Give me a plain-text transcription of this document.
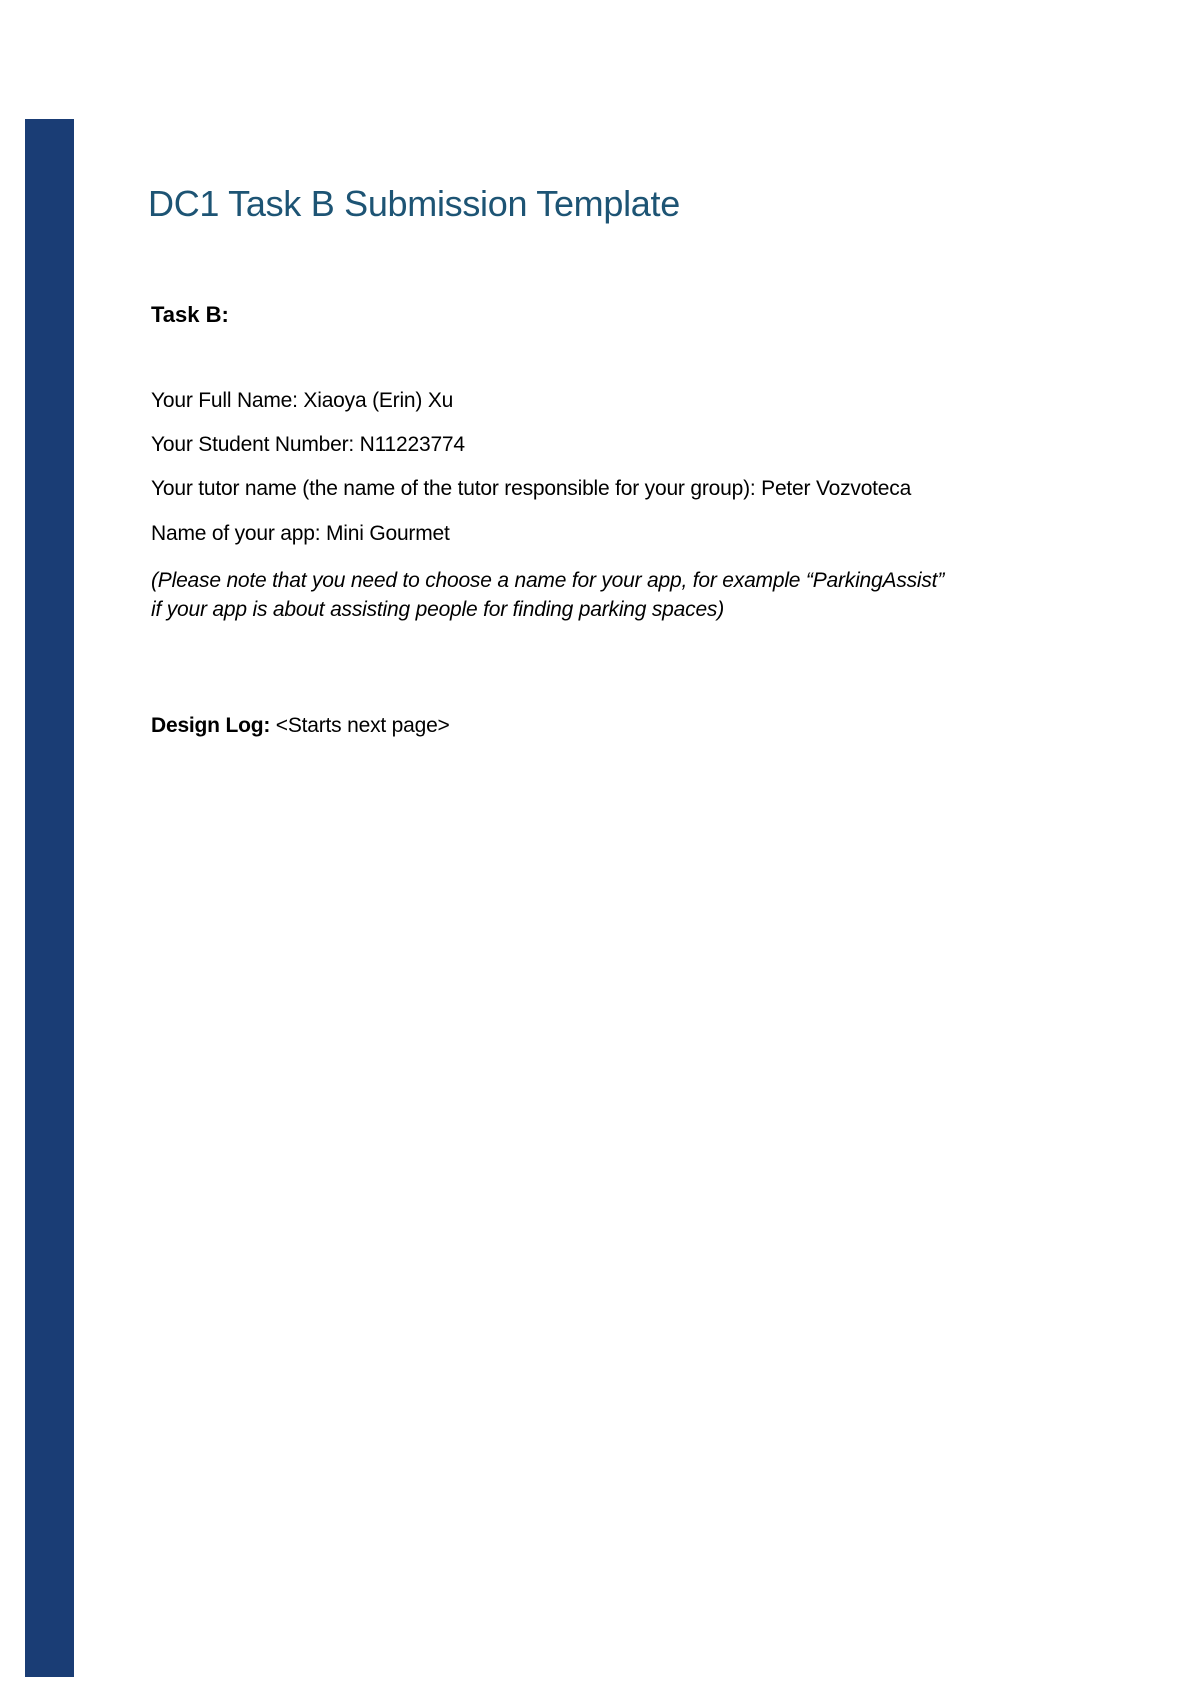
DC1 Task B Submission Template
Task B:
Your Full Name: Xiaoya (Erin) Xu
Your Student Number: N11223774
Your tutor name (the name of the tutor responsible for your group): Peter Vozvoteca
Name of your app: Mini Gourmet
(Please note that you need to choose a name for your app, for example “ParkingAssist”
if your app is about assisting people for finding parking spaces)
Design Log: <Starts next page>
